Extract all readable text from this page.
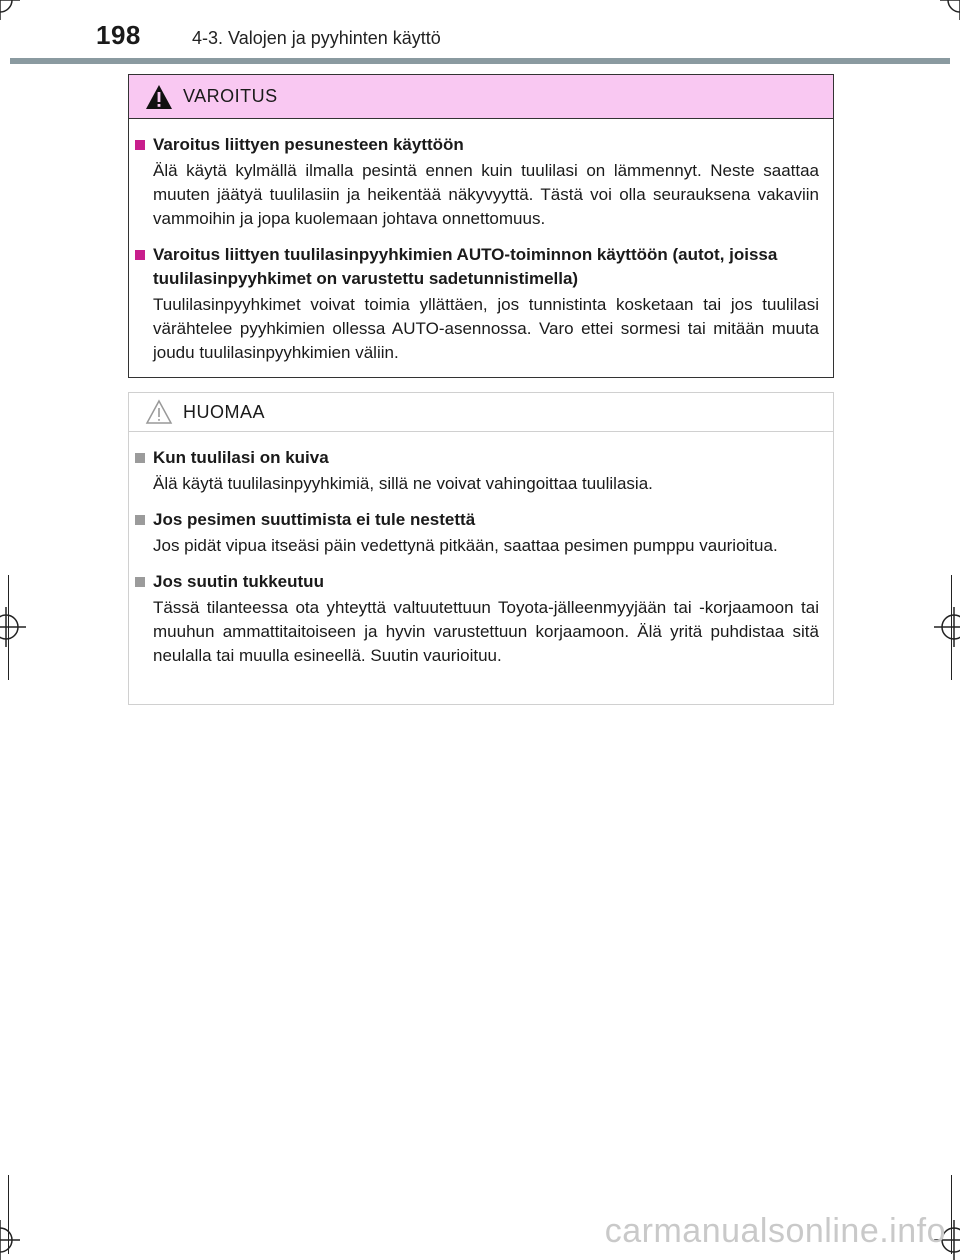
198	4-3. Valojen ja pyyhinten käyttö
VAROITUS
Varoitus liittyen pesunesteen käyttöön
Älä käytä kylmällä ilmalla pesintä ennen kuin tuulilasi on lämmennyt. Neste saattaa muuten jäätyä tuulilasiin ja heikentää näkyvyyttä. Tästä voi olla seurauksena vakaviin vammoihin ja jopa kuolemaan johtava onnettomuus.
Varoitus liittyen tuulilasinpyyhkimien AUTO-toiminnon käyttöön (autot, joissa tuulilasinpyyhkimet on varustettu sadetunnistimella)
Tuulilasinpyyhkimet voivat toimia yllättäen, jos tunnistinta kosketaan tai jos tuulilasi värähtelee pyyhkimien ollessa AUTO-asennossa. Varo ettei sormesi tai mitään muuta joudu tuulilasinpyyhkimien väliin.
HUOMAA
Kun tuulilasi on kuiva
Älä käytä tuulilasinpyyhkimiä, sillä ne voivat vahingoittaa tuulilasia.
Jos pesimen suuttimista ei tule nestettä
Jos pidät vipua itseäsi päin vedettynä pitkään, saattaa pesimen pumppu vaurioitua.
Jos suutin tukkeutuu
Tässä tilanteessa ota yhteyttä valtuutettuun Toyota-jälleenmyyjään tai -korjaamoon tai muuhun ammattitaitoiseen ja hyvin varustettuun korjaamoon. Älä yritä puhdistaa sitä neulalla tai muulla esineellä. Suutin vaurioituu.
carmanualsonline.info
